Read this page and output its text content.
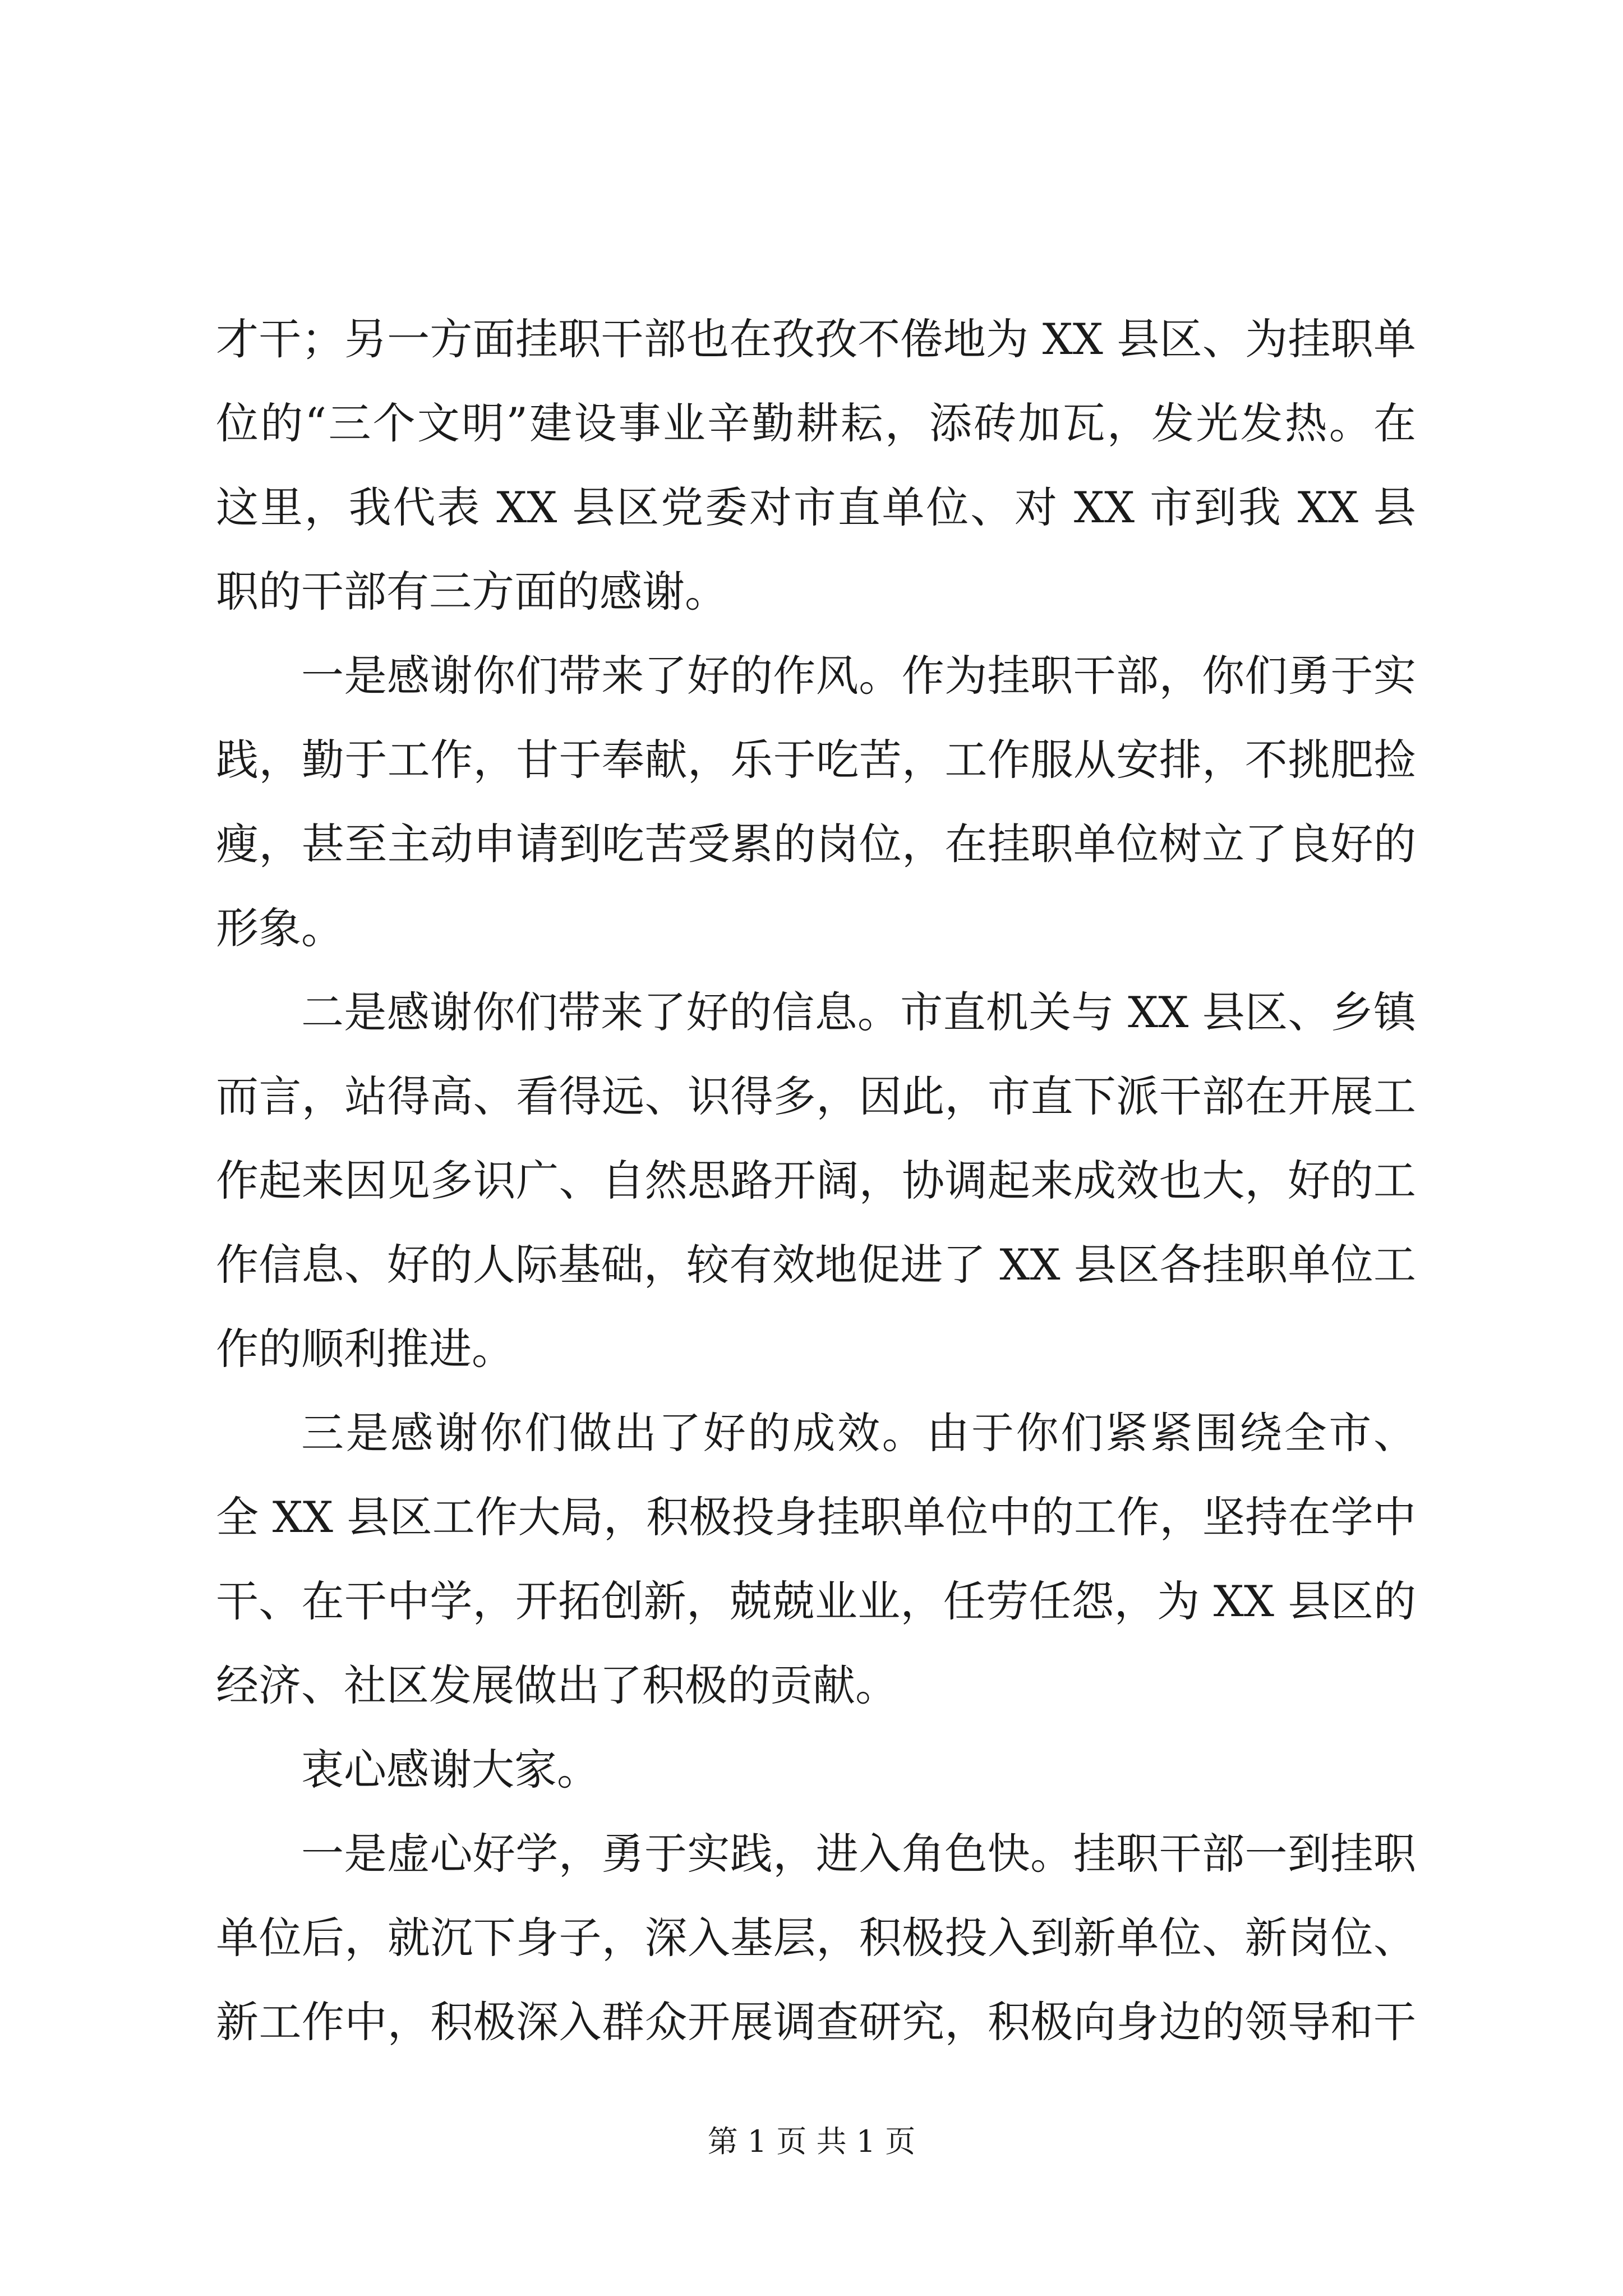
才干；另一方面挂职干部也在孜孜不倦地为 XX 县区、为挂职单
位的“三个文明”建设事业辛勤耕耘，添砖加瓦，发光发热。在
这里，我代表 XX 县区党委对市直单位、对 XX 市到我 XX 县
职的干部有三方面的感谢。
一是感谢你们带来了好的作风。作为挂职干部，你们勇于实
践，勤于工作，甘于奉献，乐于吃苦，工作服从安排，不挑肥捡
瘦，甚至主动申请到吃苦受累的岗位，在挂职单位树立了良好的
形象。
二是感谢你们带来了好的信息。市直机关与 XX 县区、乡镇
而言，站得高、看得远、识得多，因此，市直下派干部在开展工
作起来因见多识广、自然思路开阔，协调起来成效也大，好的工
作信息、好的人际基础，较有效地促进了 XX 县区各挂职单位工
作的顺利推进。
三是感谢你们做出了好的成效。由于你们紧紧围绕全市、
全 XX 县区工作大局，积极投身挂职单位中的工作，坚持在学中
干、在干中学，开拓创新，兢兢业业，任劳任怨，为 XX 县区的
经济、社区发展做出了积极的贡献。
衷心感谢大家。
一是虚心好学，勇于实践，进入角色快。挂职干部一到挂职
单位后，就沉下身子，深入基层，积极投入到新单位、新岗位、
新工作中，积极深入群众开展调查研究，积极向身边的领导和干
第 1 页 共 1 页
